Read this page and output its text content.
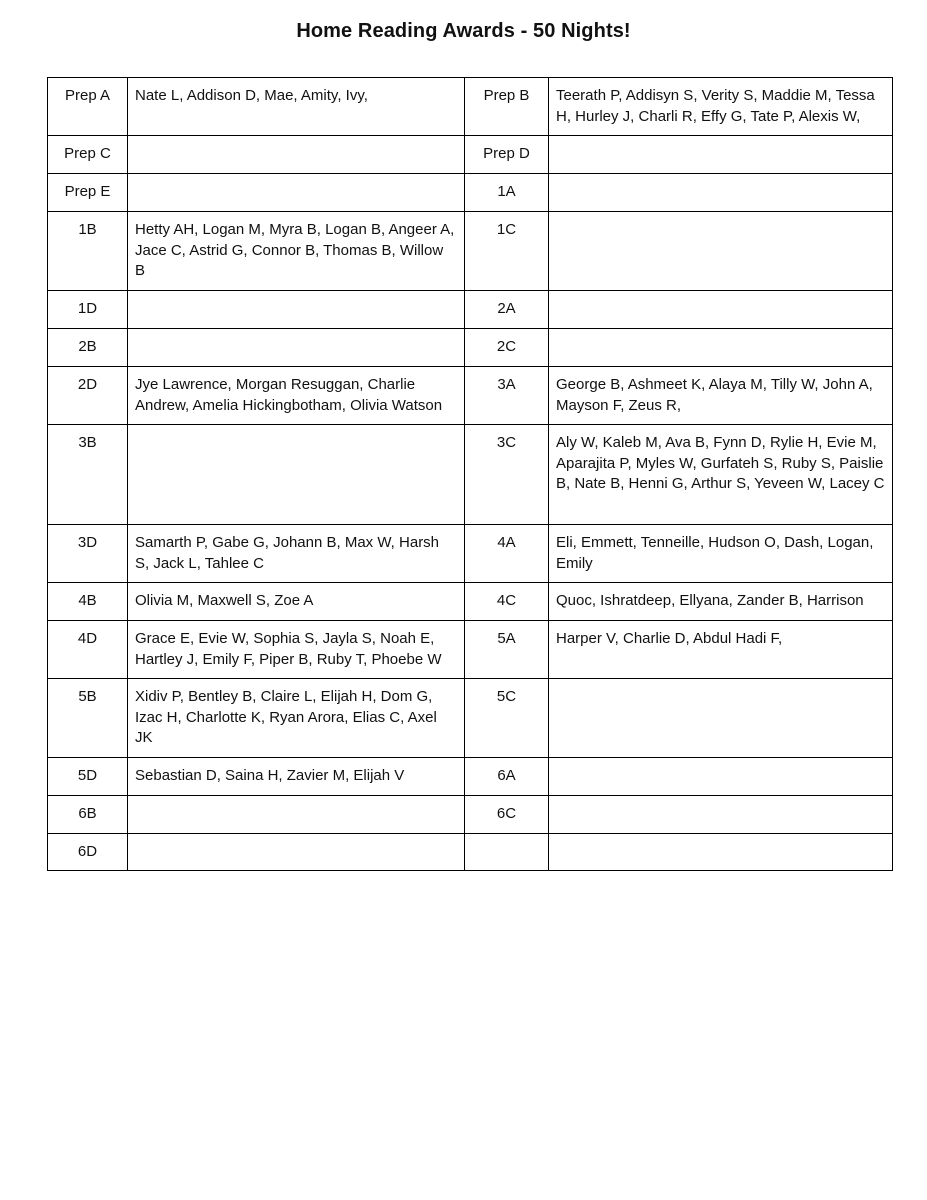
Home Reading Awards - 50 Nights!
Prep A	Nate L, Addison D, Mae, Amity, Ivy,	Prep B	Teerath P, Addisyn S, Verity S, Maddie M, Tessa H, Hurley J, Charli R, Effy G, Tate P, Alexis W,
Prep C		Prep D	
Prep E		1A	
1B	Hetty AH, Logan M, Myra B, Logan B, Angeer A, Jace C, Astrid G, Connor B, Thomas B, Willow B	1C	
1D		2A	
2B		2C	
2D	Jye Lawrence, Morgan Resuggan, Charlie Andrew, Amelia Hickingbotham, Olivia Watson	3A	George B, Ashmeet K, Alaya M, Tilly W, John A, Mayson F, Zeus R,
3B		3C	Aly W, Kaleb M, Ava B, Fynn D, Rylie H, Evie M, Aparajita P, Myles W, Gurfateh S, Ruby S, Paislie B, Nate B, Henni G, Arthur S, Yeveen W, Lacey C
3D	Samarth P, Gabe G, Johann B, Max W, Harsh S, Jack L, Tahlee C	4A	Eli, Emmett, Tenneille, Hudson O, Dash, Logan, Emily
4B	Olivia M, Maxwell S, Zoe A	4C	Quoc, Ishratdeep, Ellyana, Zander B, Harrison
4D	Grace E, Evie W, Sophia S, Jayla S, Noah E, Hartley J, Emily F, Piper B, Ruby T, Phoebe W	5A	Harper V, Charlie D, Abdul Hadi F,
5B	Xidiv P, Bentley B, Claire L, Elijah H, Dom G, Izac H, Charlotte K, Ryan Arora, Elias C, Axel JK	5C	
5D	Sebastian D, Saina H, Zavier M, Elijah V	6A	
6B		6C	
6D			
